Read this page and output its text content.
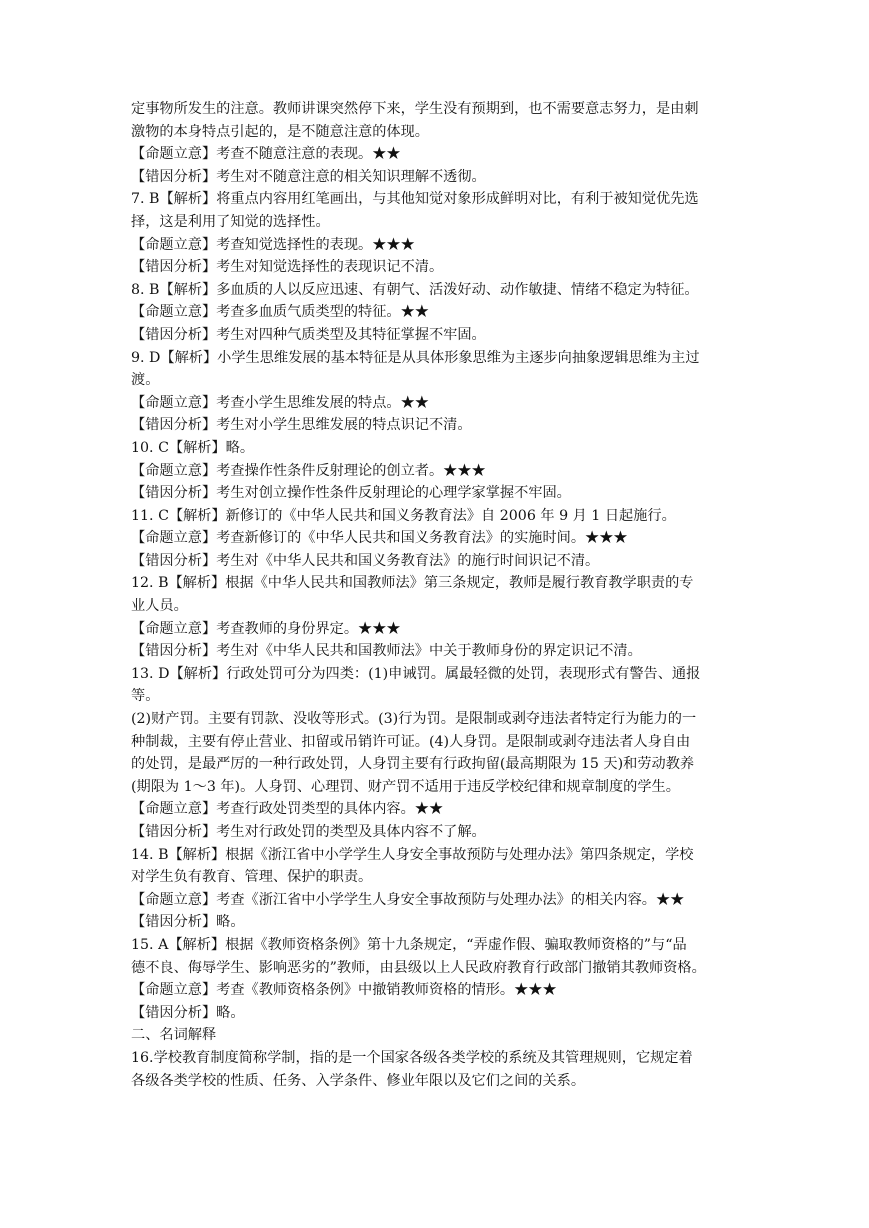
定事物所发生的注意。教师讲课突然停下来，学生没有预期到，也不需要意志努力，是由刺
激物的本身特点引起的，是不随意注意的体现。
【命题立意】考查不随意注意的表现。★★
【错因分析】考生对不随意注意的相关知识理解不透彻。
7. B【解析】将重点内容用红笔画出，与其他知觉对象形成鲜明对比，有利于被知觉优先选
择，这是利用了知觉的选择性。
【命题立意】考查知觉选择性的表现。★★★
【错因分析】考生对知觉选择性的表现识记不清。
8. B【解析】多血质的人以反应迅速、有朝气、活泼好动、动作敏捷、情绪不稳定为特征。
【命题立意】考查多血质气质类型的特征。★★
【错因分析】考生对四种气质类型及其特征掌握不牢固。
9. D【解析】小学生思维发展的基本特征是从具体形象思维为主逐步向抽象逻辑思维为主过
渡。
【命题立意】考查小学生思维发展的特点。★★
【错因分析】考生对小学生思维发展的特点识记不清。
10. C【解析】略。
【命题立意】考查操作性条件反射理论的创立者。★★★
【错因分析】考生对创立操作性条件反射理论的心理学家掌握不牢固。
11. C【解析】新修订的《中华人民共和国义务教育法》自 2006 年 9 月 1 日起施行。
【命题立意】考查新修订的《中华人民共和国义务教育法》的实施时间。★★★
【错因分析】考生对《中华人民共和国义务教育法》的施行时间识记不清。
12. B【解析】根据《中华人民共和国教师法》第三条规定，教师是履行教育教学职责的专
业人员。
【命题立意】考查教师的身份界定。★★★
【错因分析】考生对《中华人民共和国教师法》中关于教师身份的界定识记不清。
13. D【解析】行政处罚可分为四类：(1)申诫罚。属最轻微的处罚，表现形式有警告、通报
等。
(2)财产罚。主要有罚款、没收等形式。(3)行为罚。是限制或剥夺违法者特定行为能力的一
种制裁，主要有停止营业、扣留或吊销许可证。(4)人身罚。是限制或剥夺违法者人身自由
的处罚，是最严厉的一种行政处罚，人身罚主要有行政拘留(最高期限为 15 天)和劳动教养
(期限为 1～3 年)。人身罚、心理罚、财产罚不适用于违反学校纪律和规章制度的学生。
【命题立意】考查行政处罚类型的具体内容。★★
【错因分析】考生对行政处罚的类型及具体内容不了解。
14. B【解析】根据《浙江省中小学学生人身安全事故预防与处理办法》第四条规定，学校
对学生负有教育、管理、保护的职责。
【命题立意】考查《浙江省中小学学生人身安全事故预防与处理办法》的相关内容。★★
【错因分析】略。
15. A【解析】根据《教师资格条例》第十九条规定，“弄虚作假、骗取教师资格的”与“品
德不良、侮辱学生、影响恶劣的”教师，由县级以上人民政府教育行政部门撤销其教师资格。
【命题立意】考查《教师资格条例》中撤销教师资格的情形。★★★
【错因分析】略。
二、名词解释
16.学校教育制度简称学制，指的是一个国家各级各类学校的系统及其管理规则，它规定着
各级各类学校的性质、任务、入学条件、修业年限以及它们之间的关系。
